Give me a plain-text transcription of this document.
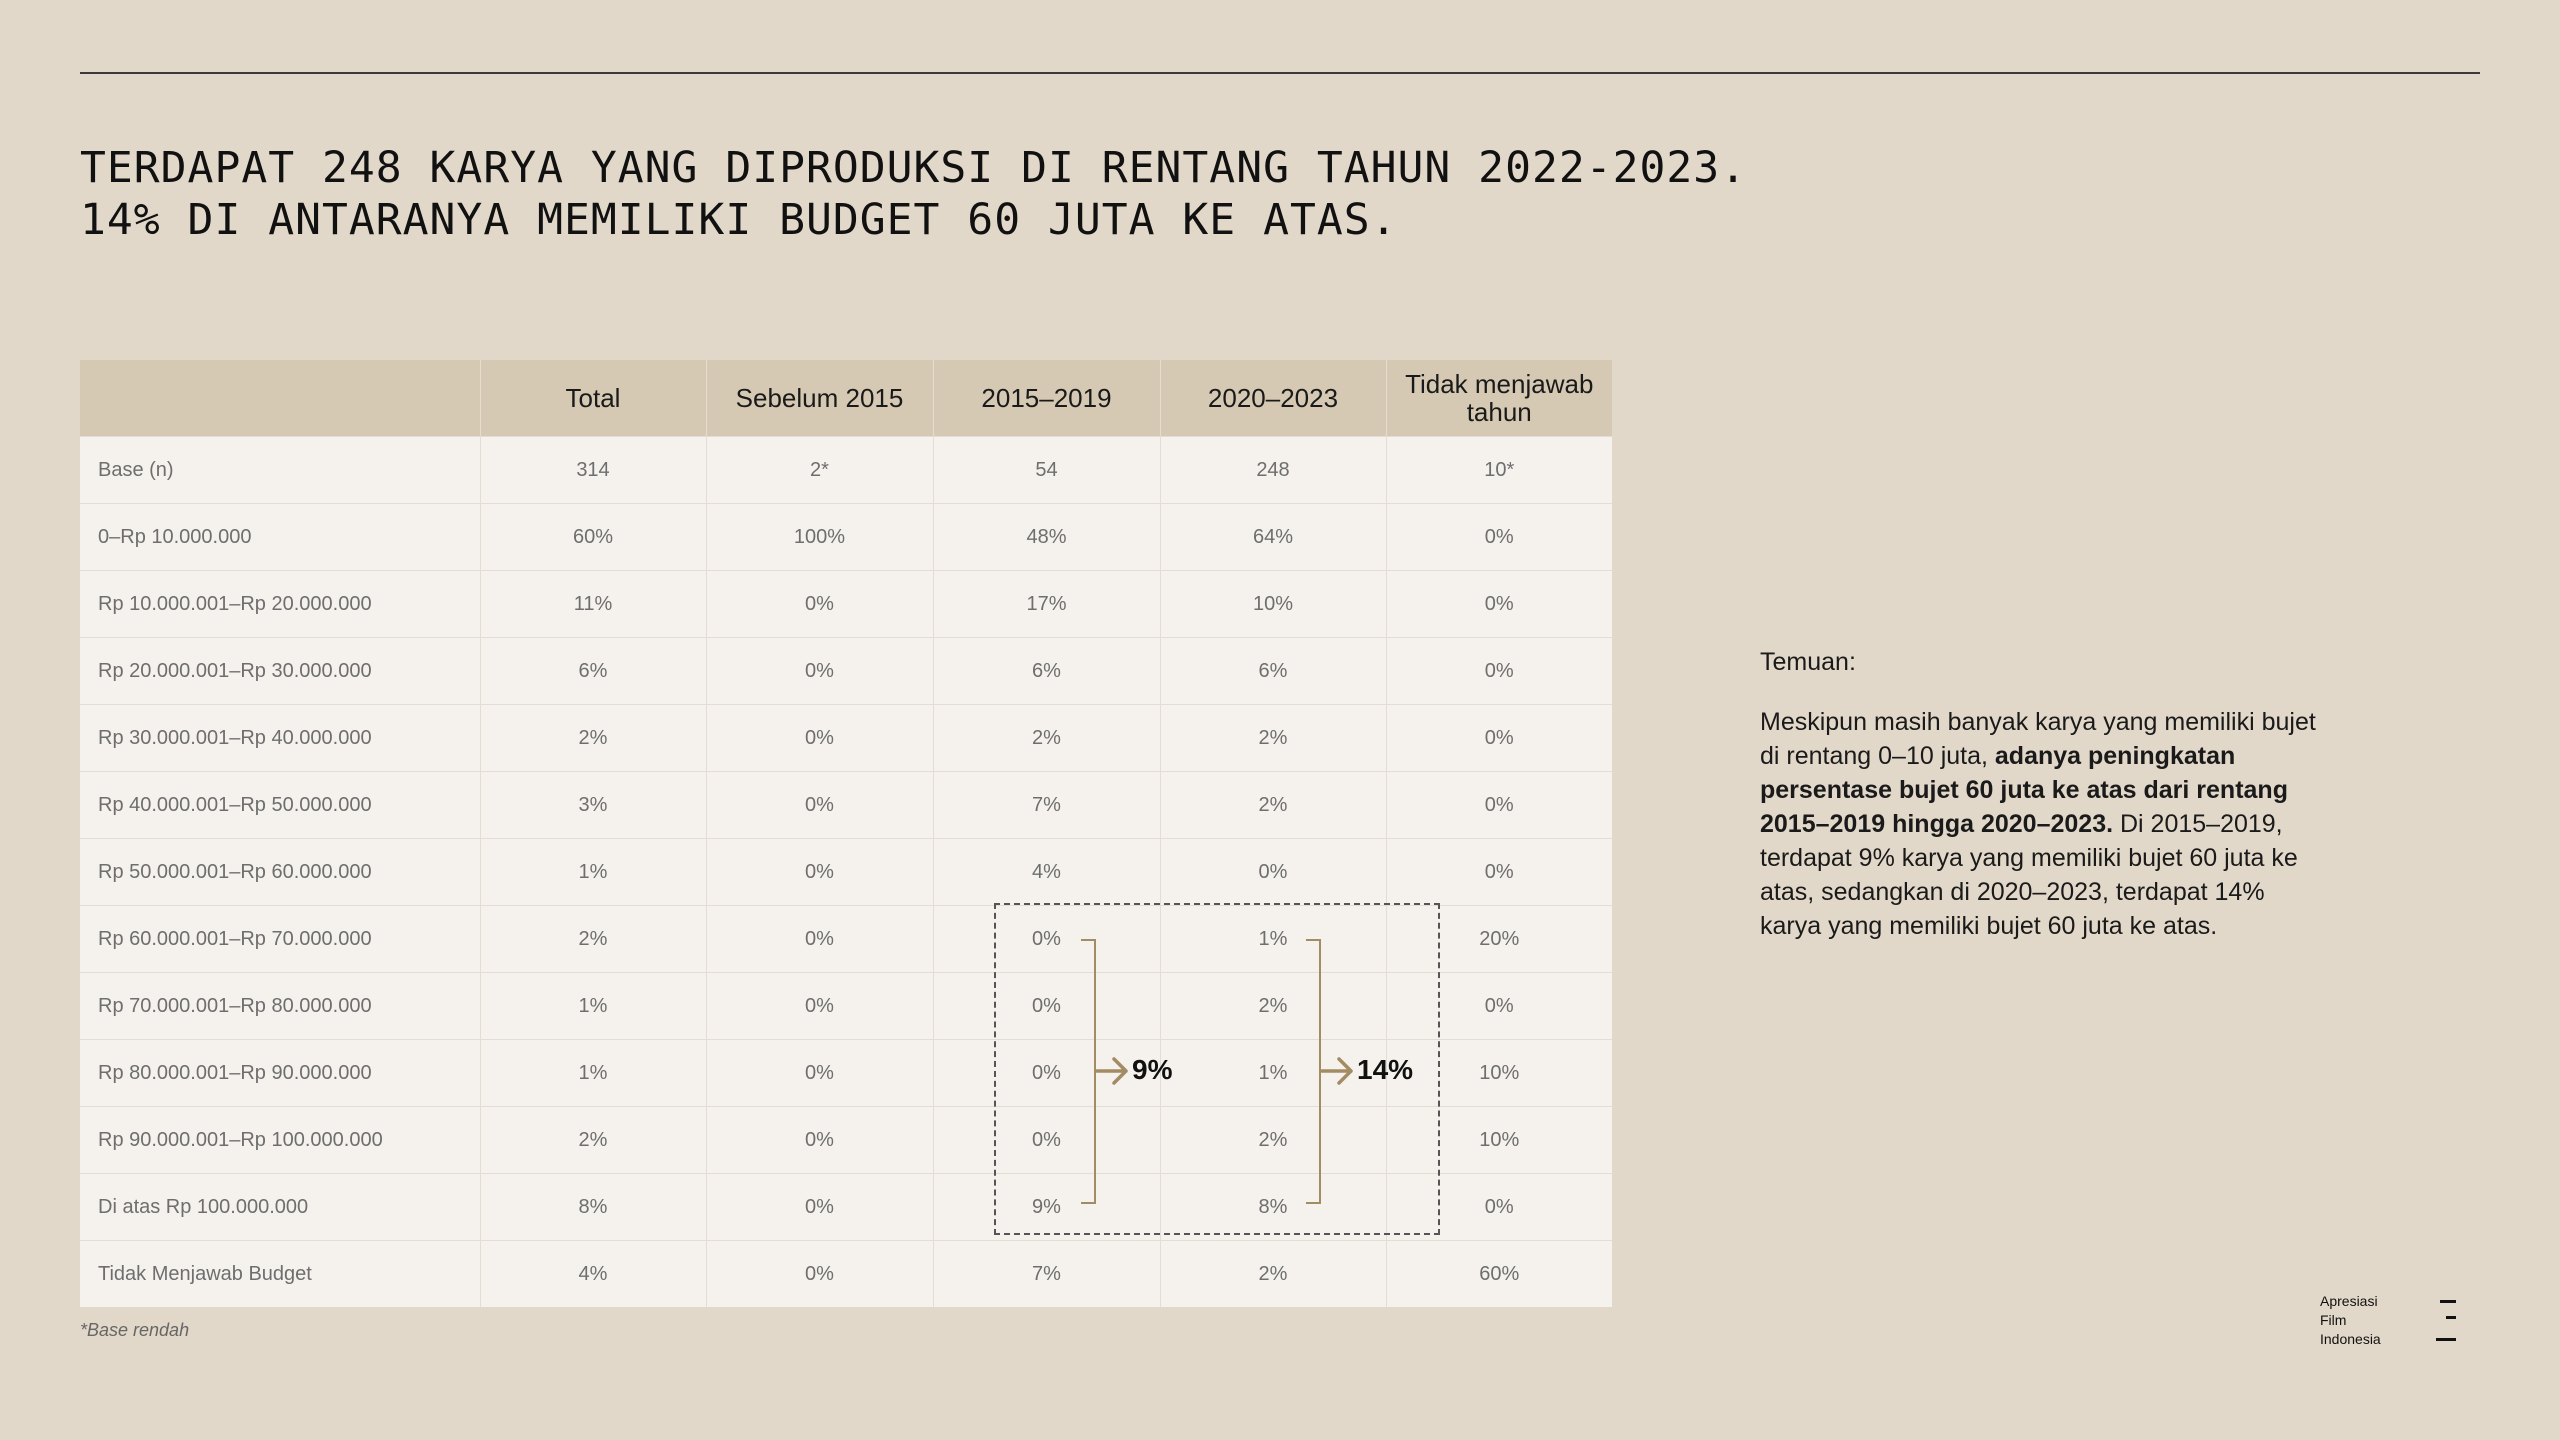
TERDAPAT 248 KARYA YANG DIPRODUKSI DI RENTANG TAHUN 2022-2023.
14% DI ANTARANYA MEMILIKI BUDGET 60 JUTA KE ATAS.
	Total	Sebelum 2015	2015–2019	2020–2023	Tidak menjawab tahun
Base (n)	314	2*	54	248	10*
0–Rp 10.000.000	60%	100%	48%	64%	0%
Rp 10.000.001–Rp 20.000.000	11%	0%	17%	10%	0%
Rp 20.000.001–Rp 30.000.000	6%	0%	6%	6%	0%
Rp 30.000.001–Rp 40.000.000	2%	0%	2%	2%	0%
Rp 40.000.001–Rp 50.000.000	3%	0%	7%	2%	0%
Rp 50.000.001–Rp 60.000.000	1%	0%	4%	0%	0%
Rp 60.000.001–Rp 70.000.000	2%	0%	0%	1%	20%
Rp 70.000.001–Rp 80.000.000	1%	0%	0%	2%	0%
Rp 80.000.001–Rp 90.000.000	1%	0%	0%	1%	10%
Rp 90.000.001–Rp 100.000.000	2%	0%	0%	2%	10%
Di atas Rp 100.000.000	8%	0%	9%	8%	0%
Tidak Menjawab Budget	4%	0%	7%	2%	60%
*Base rendah
9%	14%

Temuan:

Meskipun masih banyak karya yang memiliki bujet di rentang 0–10 juta, adanya peningkatan persentase bujet 60 juta ke atas dari rentang 2015–2019 hingga 2020–2023. Di 2015–2019, terdapat 9% karya yang memiliki bujet 60 juta ke atas, sedangkan di 2020–2023, terdapat 14% karya yang memiliki bujet 60 juta ke atas.

Apresiasi
Film
Indonesia
